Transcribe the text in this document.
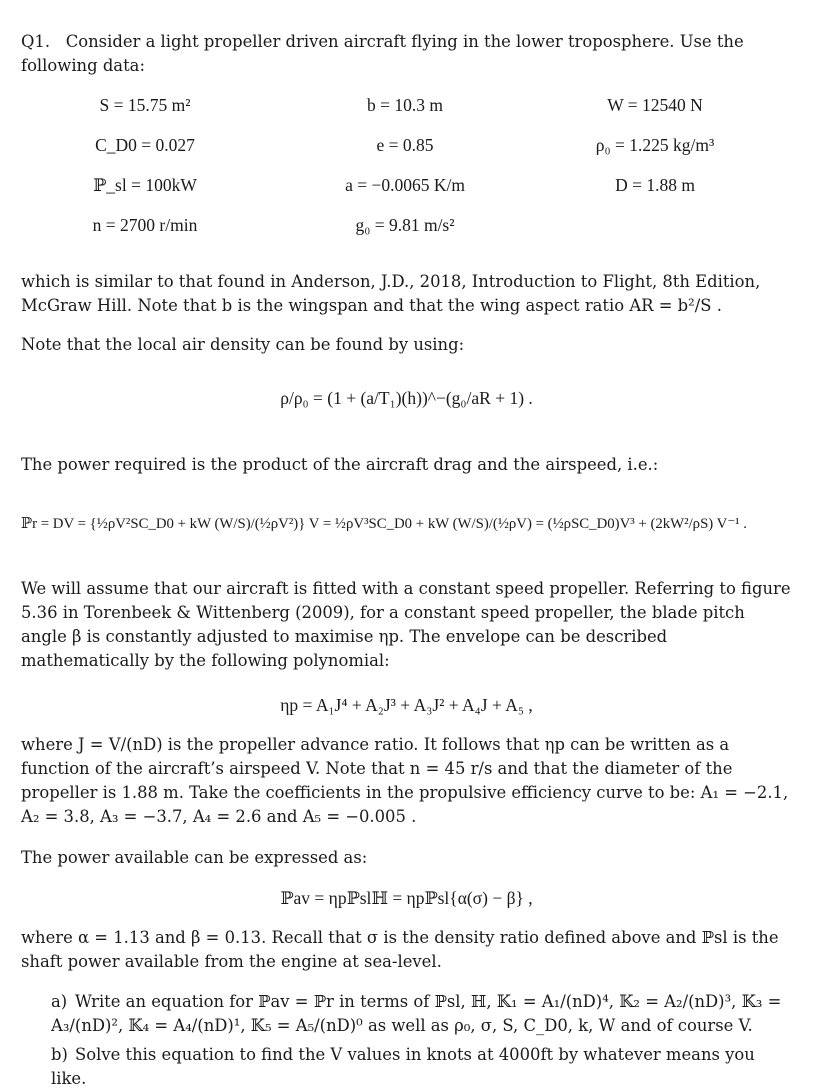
Q1. Consider a light propeller driven aircraft flying in the lower troposphere. Use the following data:

S = 15.75 m²	b = 10.3 m	W = 12540 N
C_D0 = 0.027	e = 0.85	ρ₀ = 1.225 kg/m³
ℙ_sl = 100kW	a = −0.0065 K/m	D = 1.88 m
n = 2700 r/min	g₀ = 9.81 m/s²

which is similar to that found in Anderson, J.D., 2018, Introduction to Flight, 8th Edition, McGraw Hill. Note that b is the wingspan and that the wing aspect ratio AR = b²/S .

Note that the local air density can be found by using:

ρ/ρ₀ = (1 + (a/T₁)(h))^−(g₀/aR + 1) .

The power required is the product of the aircraft drag and the airspeed, i.e.:

ℙr = DV = {½ρV²SC_D0 + kW (W/S)/(½ρV²)} V = ½ρV³SC_D0 + kW (W/S)/(½ρV) = (½ρSC_D0)V³ + (2kW²/ρS) V⁻¹ .

We will assume that our aircraft is fitted with a constant speed propeller. Referring to figure 5.36 in Torenbeek & Wittenberg (2009), for a constant speed propeller, the blade pitch angle β is constantly adjusted to maximise ηp. The envelope can be described mathematically by the following polynomial:

ηp = A₁J⁴ + A₂J³ + A₃J² + A₄J + A₅ ,

where J = V/(nD) is the propeller advance ratio. It follows that ηp can be written as a function of the aircraft’s airspeed V. Note that n = 45 r/s and that the diameter of the propeller is 1.88 m. Take the coefficients in the propulsive efficiency curve to be: A₁ = −2.1, A₂ = 3.8, A₃ = −3.7, A₄ = 2.6 and A₅ = −0.005 .

The power available can be expressed as:

ℙav = ηpℙslℍ = ηpℙsl{α(σ) − β} ,

where α = 1.13 and β = 0.13. Recall that σ is the density ratio defined above and ℙsl is the shaft power available from the engine at sea-level.

a) Write an equation for ℙav = ℙr in terms of ℙsl, ℍ, 𝕂₁ = A₁/(nD)⁴, 𝕂₂ = A₂/(nD)³, 𝕂₃ = A₃/(nD)², 𝕂₄ = A₄/(nD)¹, 𝕂₅ = A₅/(nD)⁰ as well as ρ₀, σ, S, C_D0, k, W and of course V.

b) Solve this equation to find the V values in knots at 4000ft by whatever means you like.
